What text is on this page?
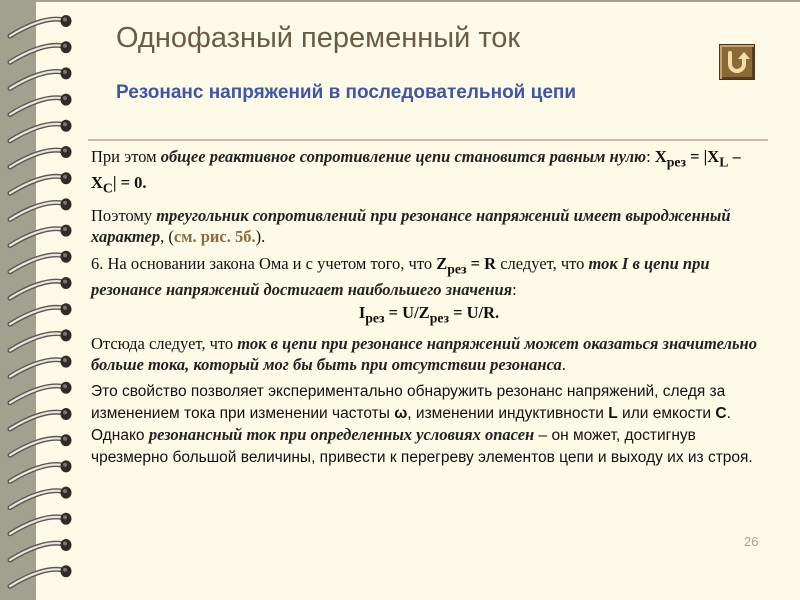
Однофазный переменный ток
Резонанс напряжений в последовательной цепи

При этом общее реактивное сопротивление цепи становится равным нулю: $X_{рез} = |X_L - X_C| = 0$.

Поэтому треугольник сопротивлений при резонансе напряжений имеет выродженный характер, (см. рис. 5б.).

6. На основании закона Ома и с учетом того, что $Z_{рез} = R$ следует, что ток I в цепи при резонансе напряжений достигает наибольшего значения:

$I_{рез} = U/Z_{рез} = U/R$.

Отсюда следует, что ток в цепи при резонансе напряжений может оказаться значительно больше тока, который мог бы быть при отсутствии резонанса.

Это свойство позволяет экспериментально обнаружить резонанс напряжений, следя за изменением тока при изменении частоты ω, изменении индуктивности L или емкости С. Однако резонансный ток при определенных условиях опасен – он может, достигнув чрезмерно большой величины, привести к перегреву элементов цепи и выходу их из строя.

26
